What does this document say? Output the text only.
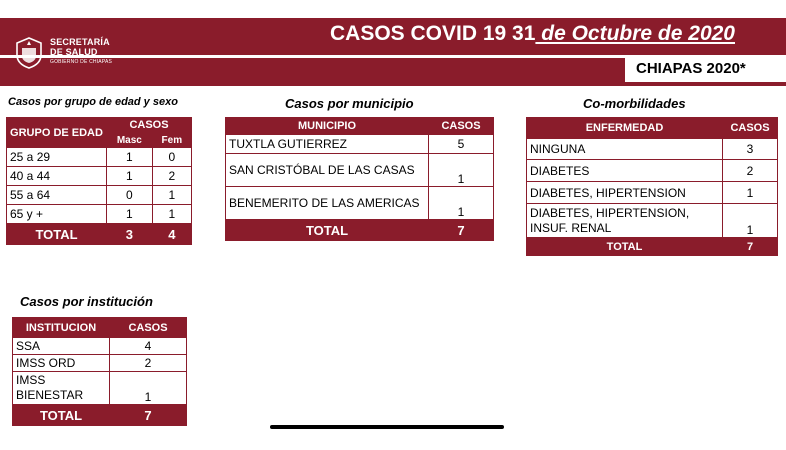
SECRETARÍA
DE SALUD
GOBIERNO DE CHIAPAS
CASOS COVID 19 31 de Octubre de 2020
CHIAPAS 2020*
Casos por grupo de edad y sexo
GRUPO DE EDAD	CASOS	
	Masc	Fem
25 a 29	1	0
40 a 44	1	2
55 a 64	0	1
65 y +	1	1
TOTAL	3	4
Casos por municipio
MUNICIPIO	CASOS
TUXTLA GUTIERREZ	5
SAN CRISTÓBAL DE LAS CASAS	1
BENEMERITO DE LAS AMERICAS	1
TOTAL	7
Co-morbilidades
ENFERMEDAD	CASOS
NINGUNA	3
DIABETES	2
DIABETES, HIPERTENSION	1
DIABETES, HIPERTENSION, INSUF. RENAL	1
TOTAL	7
Casos por institución
INSTITUCION	CASOS
SSA	4
IMSS ORD	2
IMSS BIENESTAR	1
TOTAL	7
